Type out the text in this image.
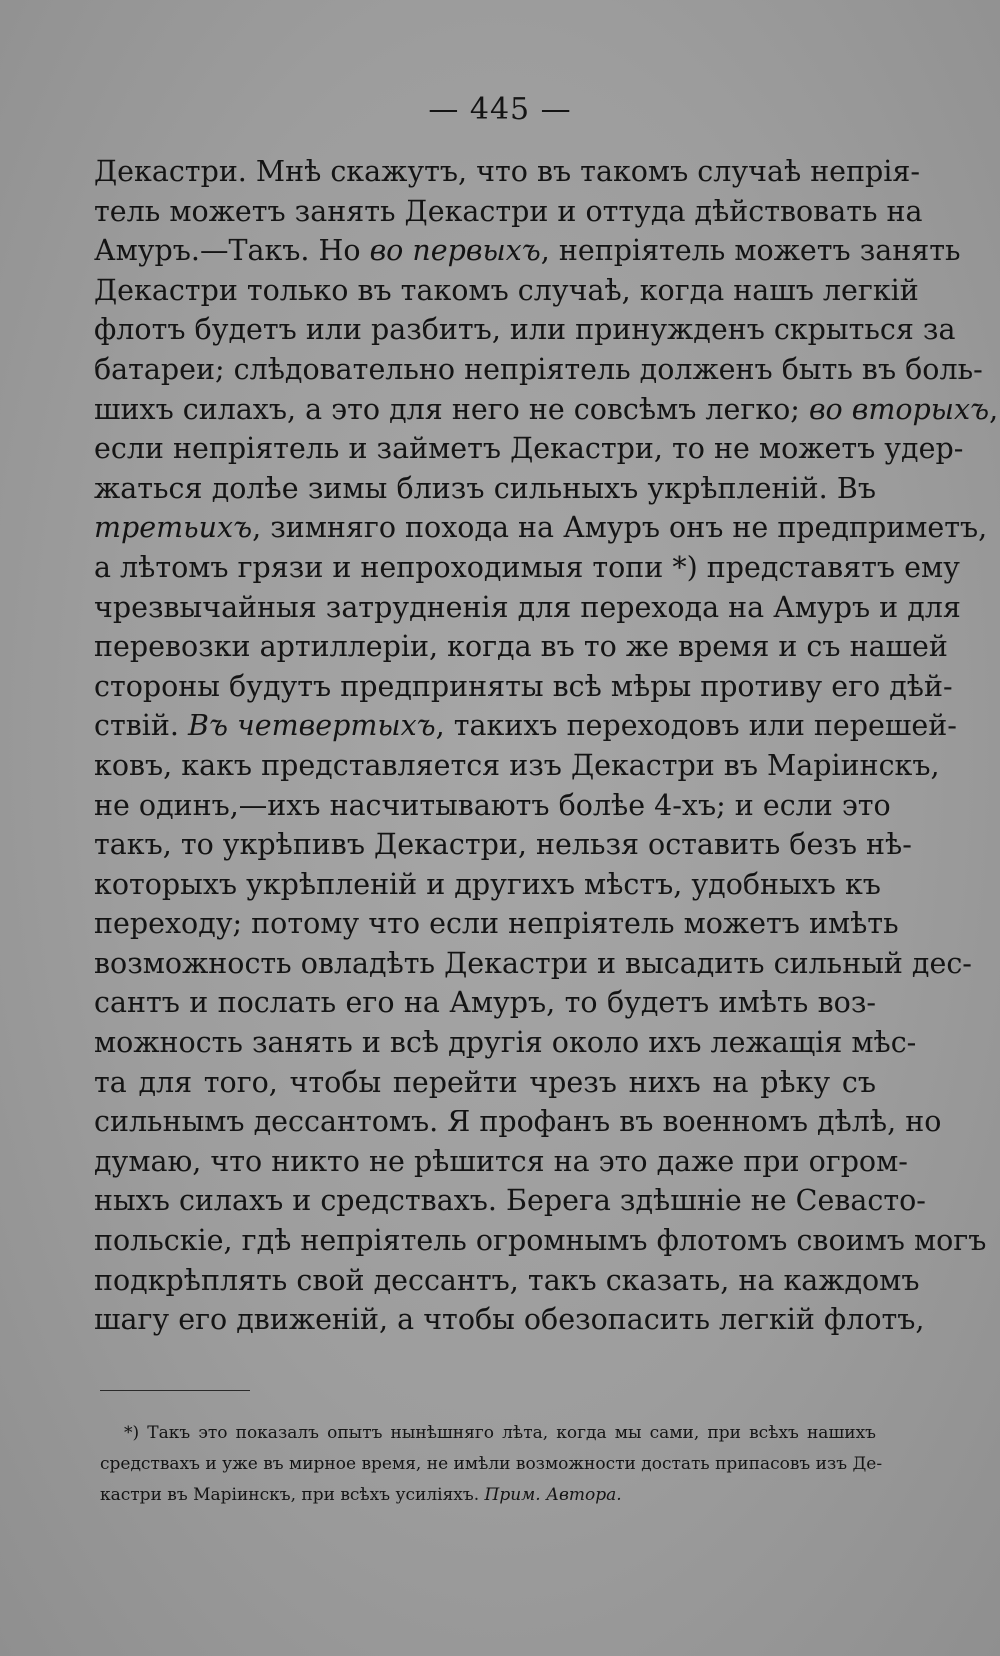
— 445 —
Декастри. Мнѣ скажутъ, что въ такомъ случаѣ непрія-
тель можетъ занять Декастри и оттуда дѣйствовать на
Амуръ.—Такъ. Но во первыхъ, непріятель можетъ занять
Декастри только въ такомъ случаѣ, когда нашъ легкій
флотъ будетъ или разбитъ, или принужденъ скрыться за
батареи; слѣдовательно непріятель долженъ быть въ боль-
шихъ силахъ, а это для него не совсѣмъ легко; во вторыхъ,
если непріятель и займетъ Декастри, то не можетъ удер-
жаться долѣе зимы близъ сильныхъ укрѣпленій. Въ
третьихъ, зимняго похода на Амуръ онъ не предприметъ,
а лѣтомъ грязи и непроходимыя топи *) представятъ ему
чрезвычайныя затрудненія для перехода на Амуръ и для
перевозки артиллеріи, когда въ то же время и съ нашей
стороны будутъ предприняты всѣ мѣры противу его дѣй-
ствій. Въ четвертыхъ, такихъ переходовъ или перешей-
ковъ, какъ представляется изъ Декастри въ Маріинскъ,
не одинъ,—ихъ насчитываютъ болѣе 4-хъ; и если это
такъ, то укрѣпивъ Декастри, нельзя оставить безъ нѣ-
которыхъ укрѣпленій и другихъ мѣстъ, удобныхъ къ
переходу; потому что если непріятель можетъ имѣть
возможность овладѣть Декастри и высадить сильный дес-
сантъ и послать его на Амуръ, то будетъ имѣть воз-
можность занять и всѣ другія около ихъ лежащія мѣс-
та для того, чтобы перейти чрезъ нихъ на рѣку съ
сильнымъ дессантомъ. Я профанъ въ военномъ дѣлѣ, но
думаю, что никто не рѣшится на это даже при огром-
ныхъ силахъ и средствахъ. Берега здѣшніе не Севасто-
польскіе, гдѣ непріятель огромнымъ флотомъ своимъ могъ
подкрѣплять свой дессантъ, такъ сказать, на каждомъ
шагу его движеній, а чтобы обезопасить легкій флотъ,
*) Такъ это показалъ опытъ нынѣшняго лѣта, когда мы сами, при всѣхъ нашихъ
средствахъ и уже въ мирное время, не имѣли возможности достать припасовъ изъ Де-
кастри въ Маріинскъ, при всѣхъ усиліяхъ. Прим. Автора.
